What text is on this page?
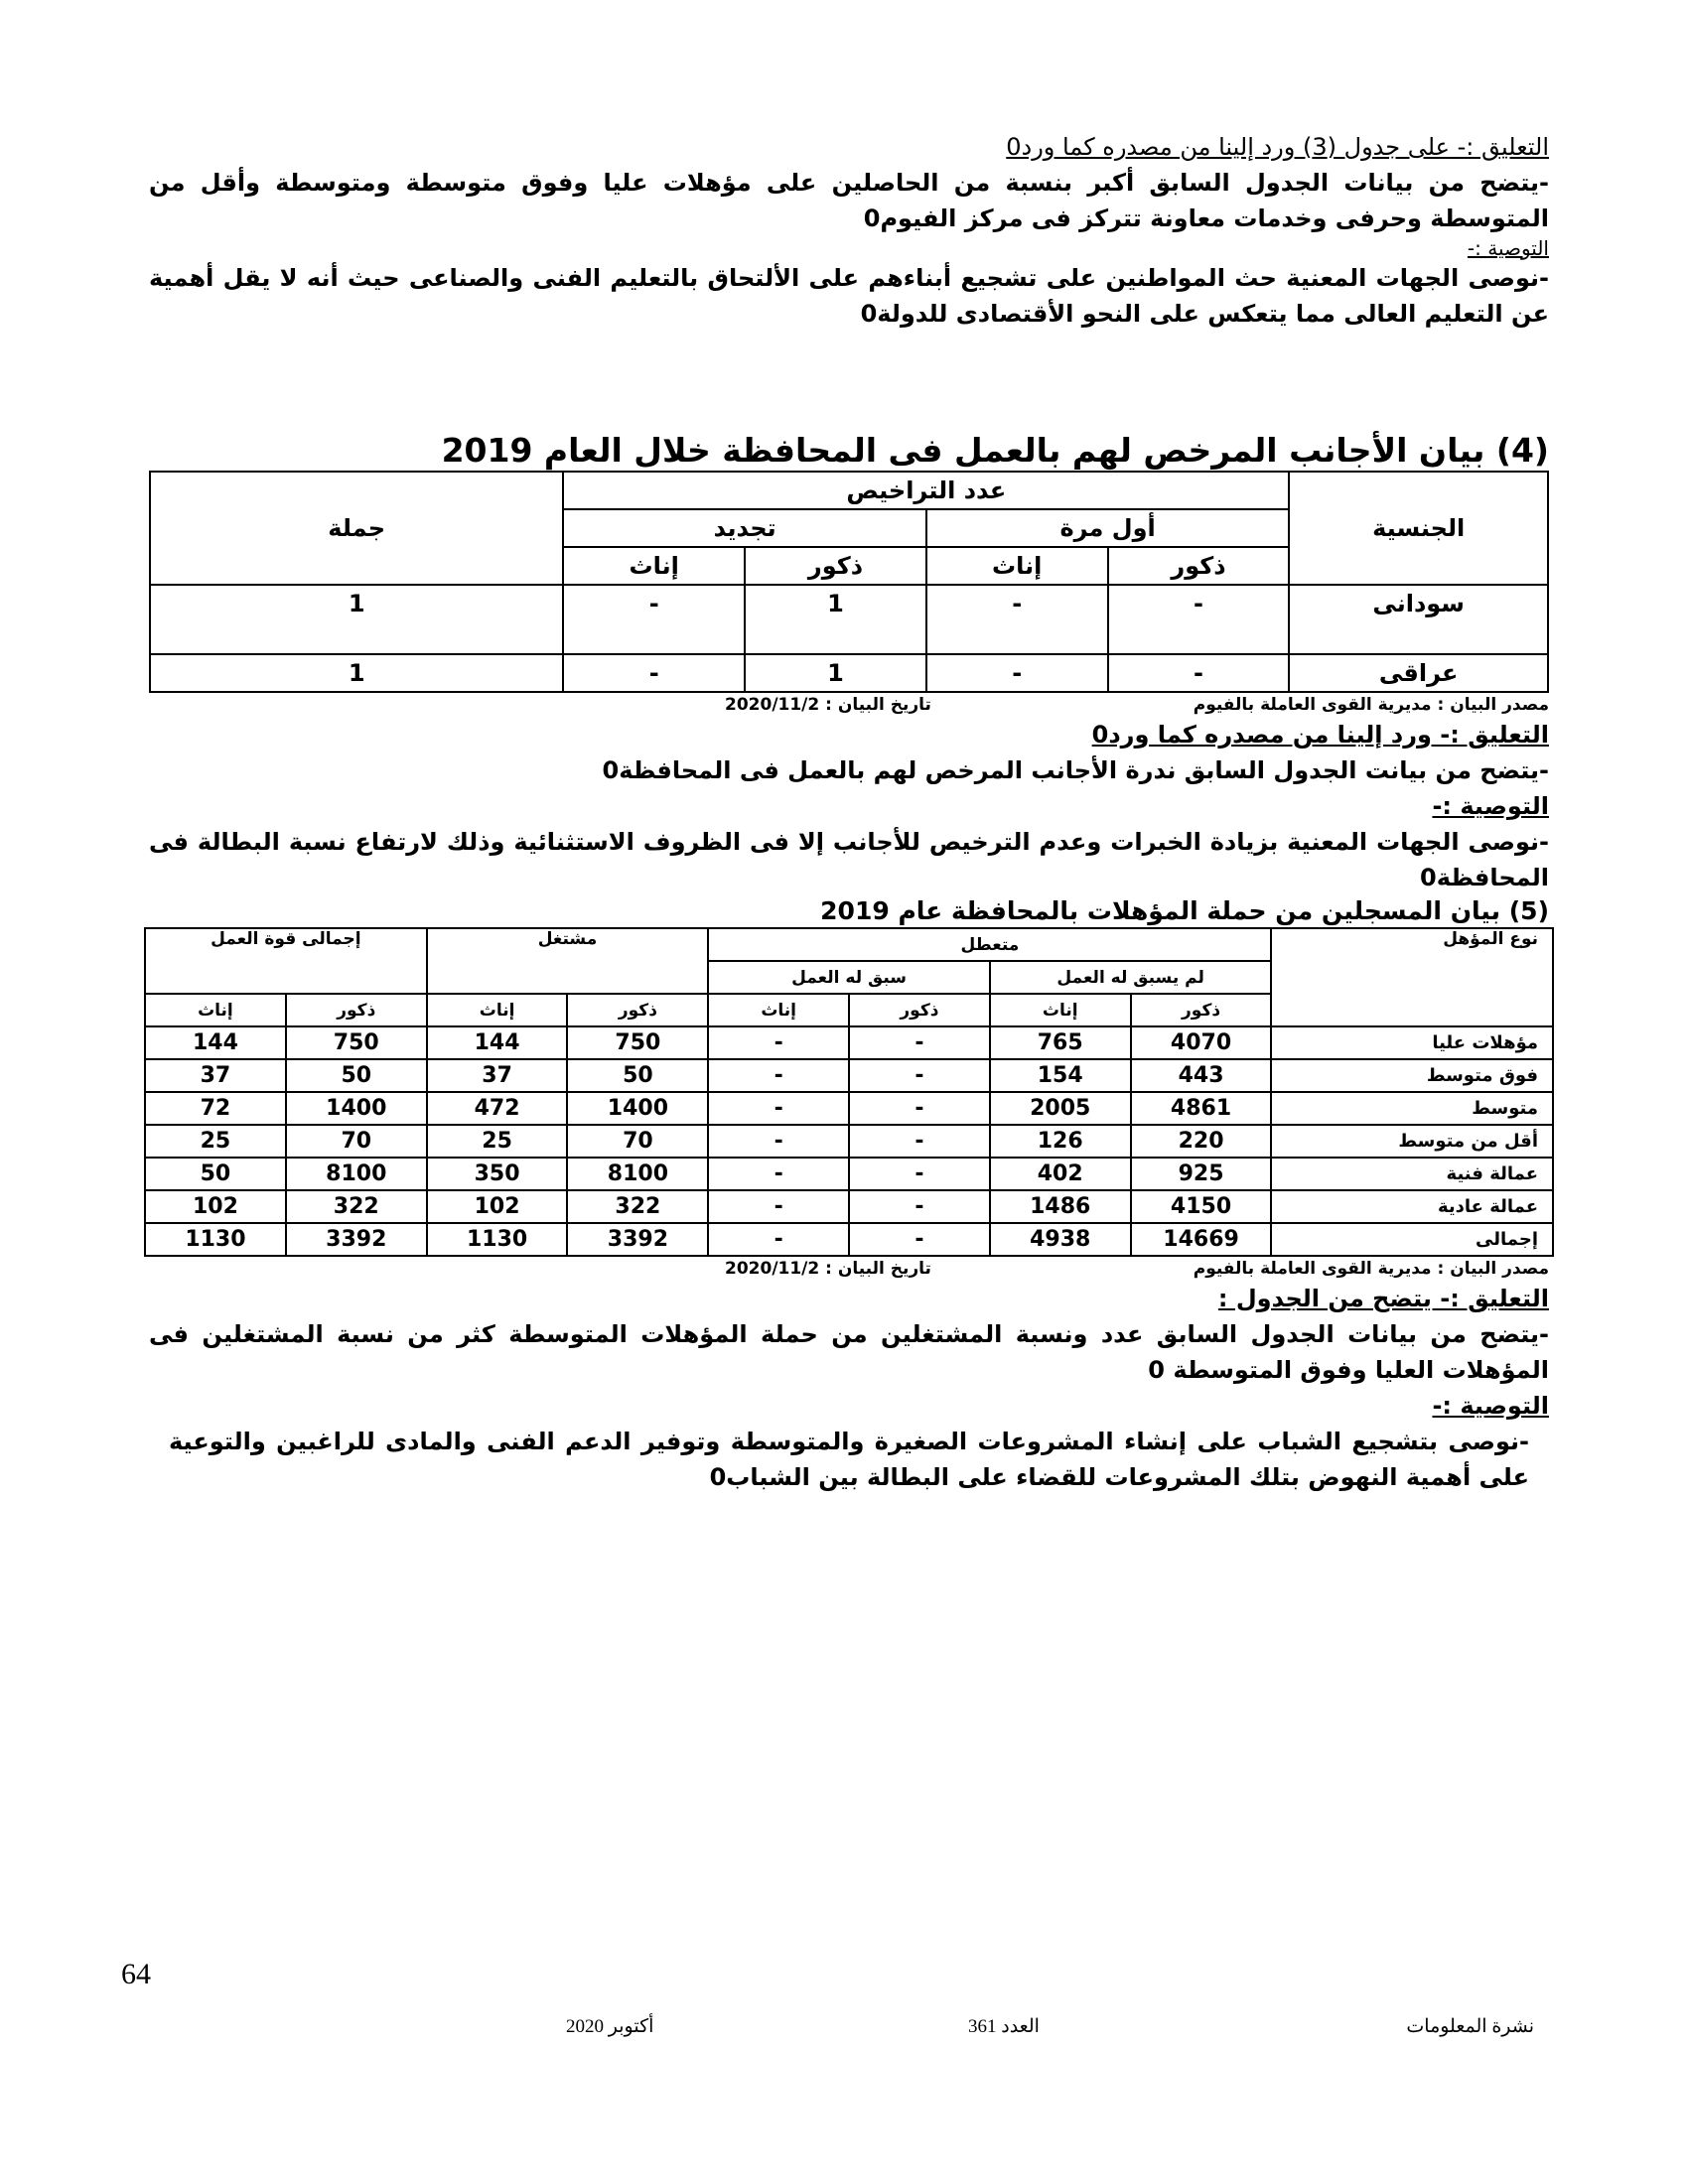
التعليق :- على جدول (3) ورد إلينا من مصدره كما ورد0

-يتضح من بيانات الجدول السابق أكبر بنسبة من الحاصلين على مؤهلات عليا وفوق متوسطة ومتوسطة وأقل من المتوسطة وحرفى وخدمات معاونة تتركز فى مركز الفيوم0

التوصية :-

-نوصى الجهات المعنية حث المواطنين على تشجيع أبناءهم على الألتحاق بالتعليم الفنى والصناعى حيث أنه لا يقل أهمية عن التعليم العالى مما يتعكس على النحو الأقتصادى للدولة0

(4) بيان الأجانب المرخص لهم بالعمل فى المحافظة خلال العام 2019
الجنسية	عدد التراخيص				جملة
	أول مرة		تجديد		
	ذكور	إناث	ذكور	إناث	
سودانى	-	-	1	-	1
عراقى	-	-	1	-	1
مصدر البيان : مديرية القوى العاملة بالفيوم
تاريخ البيان : 2020/11/2

التعليق :- ورد إلينا من مصدره كما ورد0

-يتضح من بيانت الجدول السابق ندرة الأجانب المرخص لهم بالعمل فى المحافظة0

التوصية :-

-نوصى الجهات المعنية بزيادة الخبرات وعدم الترخيص للأجانب إلا فى الظروف الاستثنائية وذلك لارتفاع نسبة البطالة فى المحافظة0

(5) بيان المسجلين من حملة المؤهلات بالمحافظة عام 2019
نوع المؤهل	متعطل				مشتغل		إجمالى قوة العمل	
	لم يسبق له العمل		سبق له العمل					
	ذكور	إناث	ذكور	إناث	ذكور	إناث	ذكور	إناث
مؤهلات عليا	4070	765	-	-	750	144	750	144
فوق متوسط	443	154	-	-	50	37	50	37
متوسط	4861	2005	-	-	1400	472	1400	72
أقل من متوسط	220	126	-	-	70	25	70	25
عمالة فنية	925	402	-	-	8100	350	8100	50
عمالة عادية	4150	1486	-	-	322	102	322	102
إجمالى	14669	4938	-	-	3392	1130	3392	1130
مصدر البيان : مديرية القوى العاملة بالفيوم
تاريخ البيان : 2020/11/2

التعليق :- يتضح من الجدول :

-يتضح من بيانات الجدول السابق عدد ونسبة المشتغلين من حملة المؤهلات المتوسطة كثر من نسبة المشتغلين فى المؤهلات العليا وفوق المتوسطة 0

التوصية :-

-نوصى بتشجيع الشباب على إنشاء المشروعات الصغيرة والمتوسطة وتوفير الدعم الفنى والمادى للراغبين والتوعية على أهمية النهوض بتلك المشروعات للقضاء على البطالة بين الشباب0

64
نشرة المعلومات
العدد 361
أكتوبر 2020
